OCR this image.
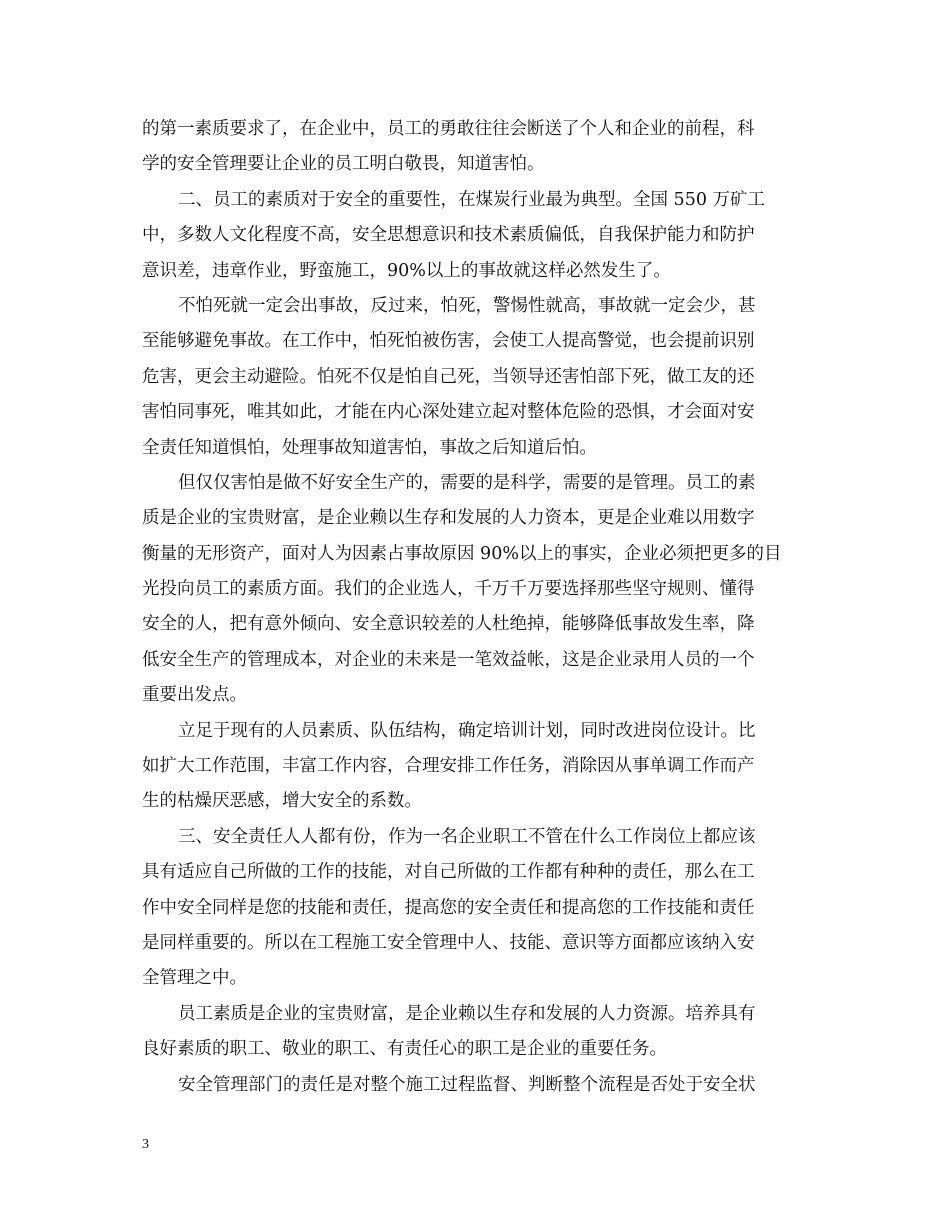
的第一素质要求了，在企业中，员工的勇敢往往会断送了个人和企业的前程，科
学的安全管理要让企业的员工明白敬畏，知道害怕。
二、员工的素质对于安全的重要性，在煤炭行业最为典型。全国 550 万矿工
中，多数人文化程度不高，安全思想意识和技术素质偏低，自我保护能力和防护
意识差，违章作业，野蛮施工，90%以上的事故就这样必然发生了。
不怕死就一定会出事故，反过来，怕死，警惕性就高，事故就一定会少，甚
至能够避免事故。在工作中，怕死怕被伤害，会使工人提高警觉，也会提前识别
危害，更会主动避险。怕死不仅是怕自己死，当领导还害怕部下死，做工友的还
害怕同事死，唯其如此，才能在内心深处建立起对整体危险的恐惧，才会面对安
全责任知道惧怕，处理事故知道害怕，事故之后知道后怕。
但仅仅害怕是做不好安全生产的，需要的是科学，需要的是管理。员工的素
质是企业的宝贵财富，是企业赖以生存和发展的人力资本，更是企业难以用数字
衡量的无形资产，面对人为因素占事故原因 90%以上的事实，企业必须把更多的目
光投向员工的素质方面。我们的企业选人，千万千万要选择那些坚守规则、懂得
安全的人，把有意外倾向、安全意识较差的人杜绝掉，能够降低事故发生率，降
低安全生产的管理成本，对企业的未来是一笔效益帐，这是企业录用人员的一个
重要出发点。
立足于现有的人员素质、队伍结构，确定培训计划，同时改进岗位设计。比
如扩大工作范围，丰富工作内容，合理安排工作任务，消除因从事单调工作而产
生的枯燥厌恶感，增大安全的系数。
三、安全责任人人都有份，作为一名企业职工不管在什么工作岗位上都应该
具有适应自己所做的工作的技能，对自己所做的工作都有种种的责任，那么在工
作中安全同样是您的技能和责任，提高您的安全责任和提高您的工作技能和责任
是同样重要的。所以在工程施工安全管理中人、技能、意识等方面都应该纳入安
全管理之中。
员工素质是企业的宝贵财富，是企业赖以生存和发展的人力资源。培养具有
良好素质的职工、敬业的职工、有责任心的职工是企业的重要任务。
安全管理部门的责任是对整个施工过程监督、判断整个流程是否处于安全状
3
